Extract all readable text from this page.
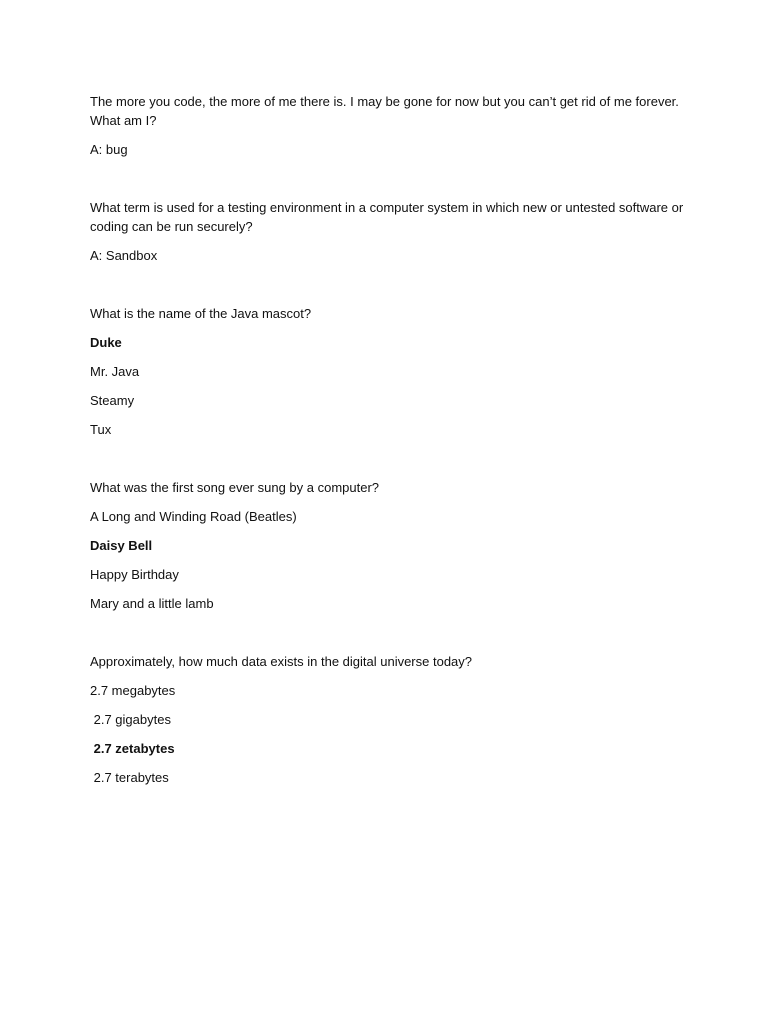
The more you code, the more of me there is. I may be gone for now but you can’t get rid of me forever. What am I?

A: bug

What term is used for a testing environment in a computer system in which new or untested software or coding can be run securely?

A: Sandbox

What is the name of the Java mascot?

Duke

Mr. Java

Steamy

Tux

What was the first song ever sung by a computer?

A Long and Winding Road (Beatles)

Daisy Bell

Happy Birthday

Mary and a little lamb

Approximately, how much data exists in the digital universe today?

2.7 megabytes

2.7 gigabytes

2.7 zetabytes

2.7 terabytes
